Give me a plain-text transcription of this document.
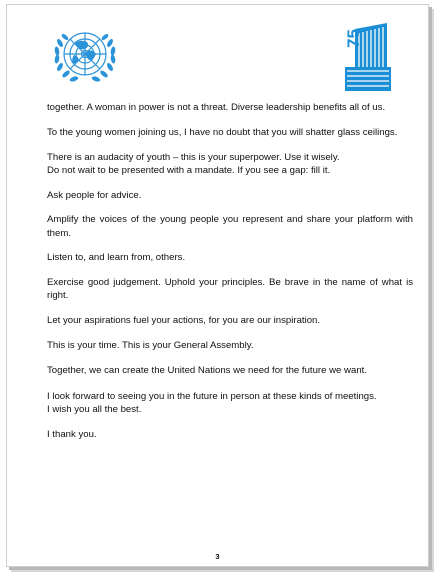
75

together. A woman in power is not a threat. Diverse leadership benefits all of us.

To the young women joining us, I have no doubt that you will shatter glass ceilings.

There is an audacity of youth – this is your superpower. Use it wisely.

Do not wait to be presented with a mandate. If you see a gap: fill it.

Ask people for advice.

Amplify the voices of the young people you represent and share your platform with them.

Listen to, and learn from, others.

Exercise good judgement. Uphold your principles. Be brave in the name of what is right.

Let your aspirations fuel your actions, for you are our inspiration.

This is your time. This is your General Assembly.

Together, we can create the United Nations we need for the future we want.

I look forward to seeing you in the future in person at these kinds of meetings.

I wish you all the best.

I thank you.

3
